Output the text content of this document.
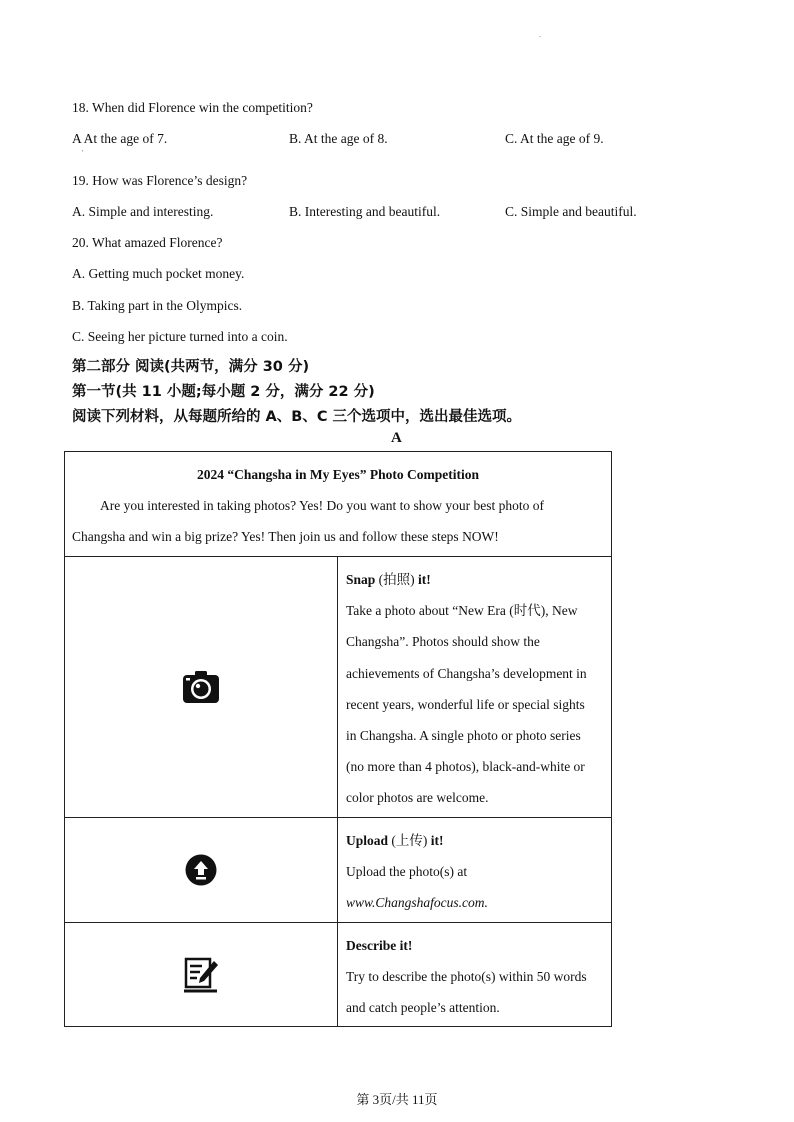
.
18. When did Florence win the competition?
A At the age of 7.
'
B. At the age of 8.	C. At the age of 9.
19. How was Florence’s design?
A. Simple and interesting.	B. Interesting and beautiful.	C. Simple and beautiful.
20. What amazed Florence?
A. Getting much pocket money.
B. Taking part in the Olympics.
C. Seeing her picture turned into a coin.
第二部分 阅读(共两节，满分 30 分)
第一节(共 11 小题;每小题 2 分，满分 22 分)
阅读下列材料，从每题所给的 A、B、C 三个选项中，选出最佳选项。
A
2024 “Changsha in My Eyes” Photo Competition
Are you interested in taking photos? Yes! Do you want to show your best photo of
Changsha and win a big prize? Yes! Then join us and follow these steps NOW!
Snap (拍照) it!
Take a photo about “New Era (时代), New
Changsha”. Photos should show the
achievements of Changsha’s development in
recent years, wonderful life or special sights
in Changsha. A single photo or photo series
(no more than 4 photos), black-and-white or
color photos are welcome.
Upload (上传) it!
Upload the photo(s) at
www.Changshafocus.com.
Describe it!
Try to describe the photo(s) within 50 words
and catch people’s attention.
第 3页/共 11页
